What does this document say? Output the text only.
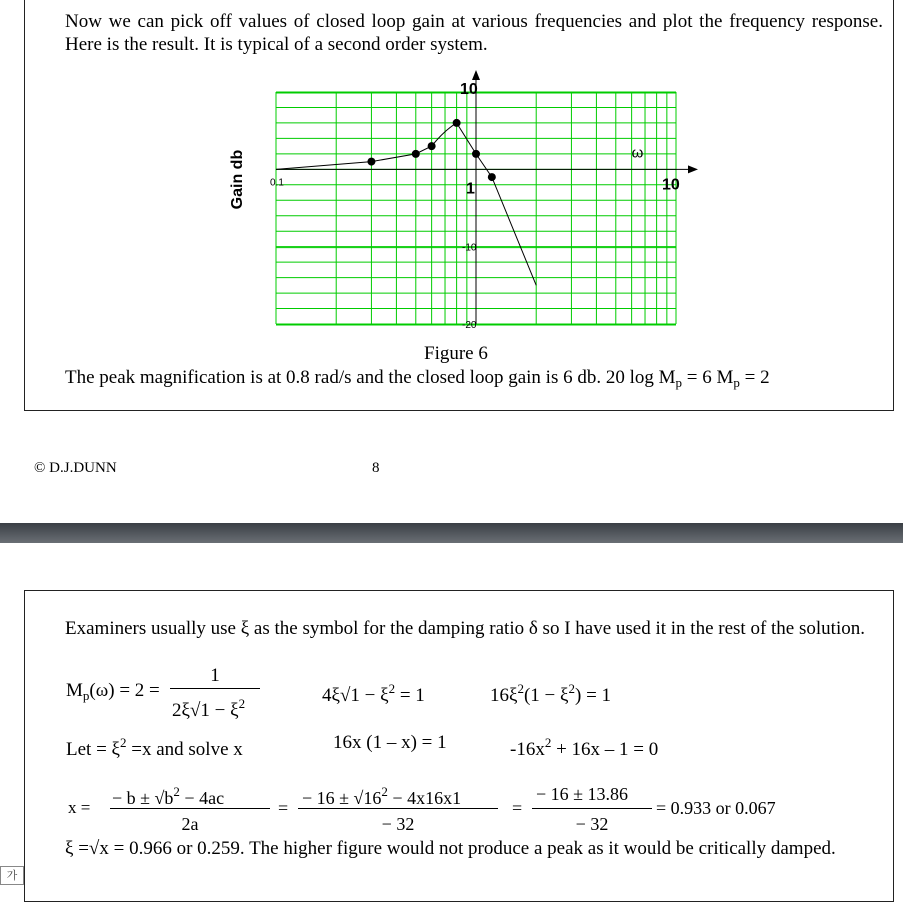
Now we can pick off values of closed loop gain at various frequencies and plot the frequency response. Here is the result. It is typical of a second order system.
0.1	1	10
10
-10
-20
ω
Gain db
Figure 6
The peak magnification is at 0.8 rad/s and the closed loop gain is 6 db. 20 $\log M_p = 6$ $M_p = 2$
© D.J.DUNN	8
Examiners usually use ξ as the symbol for the damping ratio δ so I have used it in the rest of the solution.
$M_p(\omega) = 2$ =
1
$2\xi√1 - \xi^2$	$4\xi√1 - \xi^2 = 1$	$16\xi^2(1 - \xi^2) = 1$
Let = $\xi^2 =x$ and solve x	16x (1 – x) = 1	$-16x^2 + 16x - 1 = 0$
x = − $b \pm √b^2 - 4ac$
2a
= − $16 \pm √16^2 - 4x16x1$
− 32
=
− 16 ± 13.86
− 32
= 0.933 or 0.067
ξ =√x = 0.966 or 0.259. The higher figure would not produce a peak as it would be critically damped.
가
